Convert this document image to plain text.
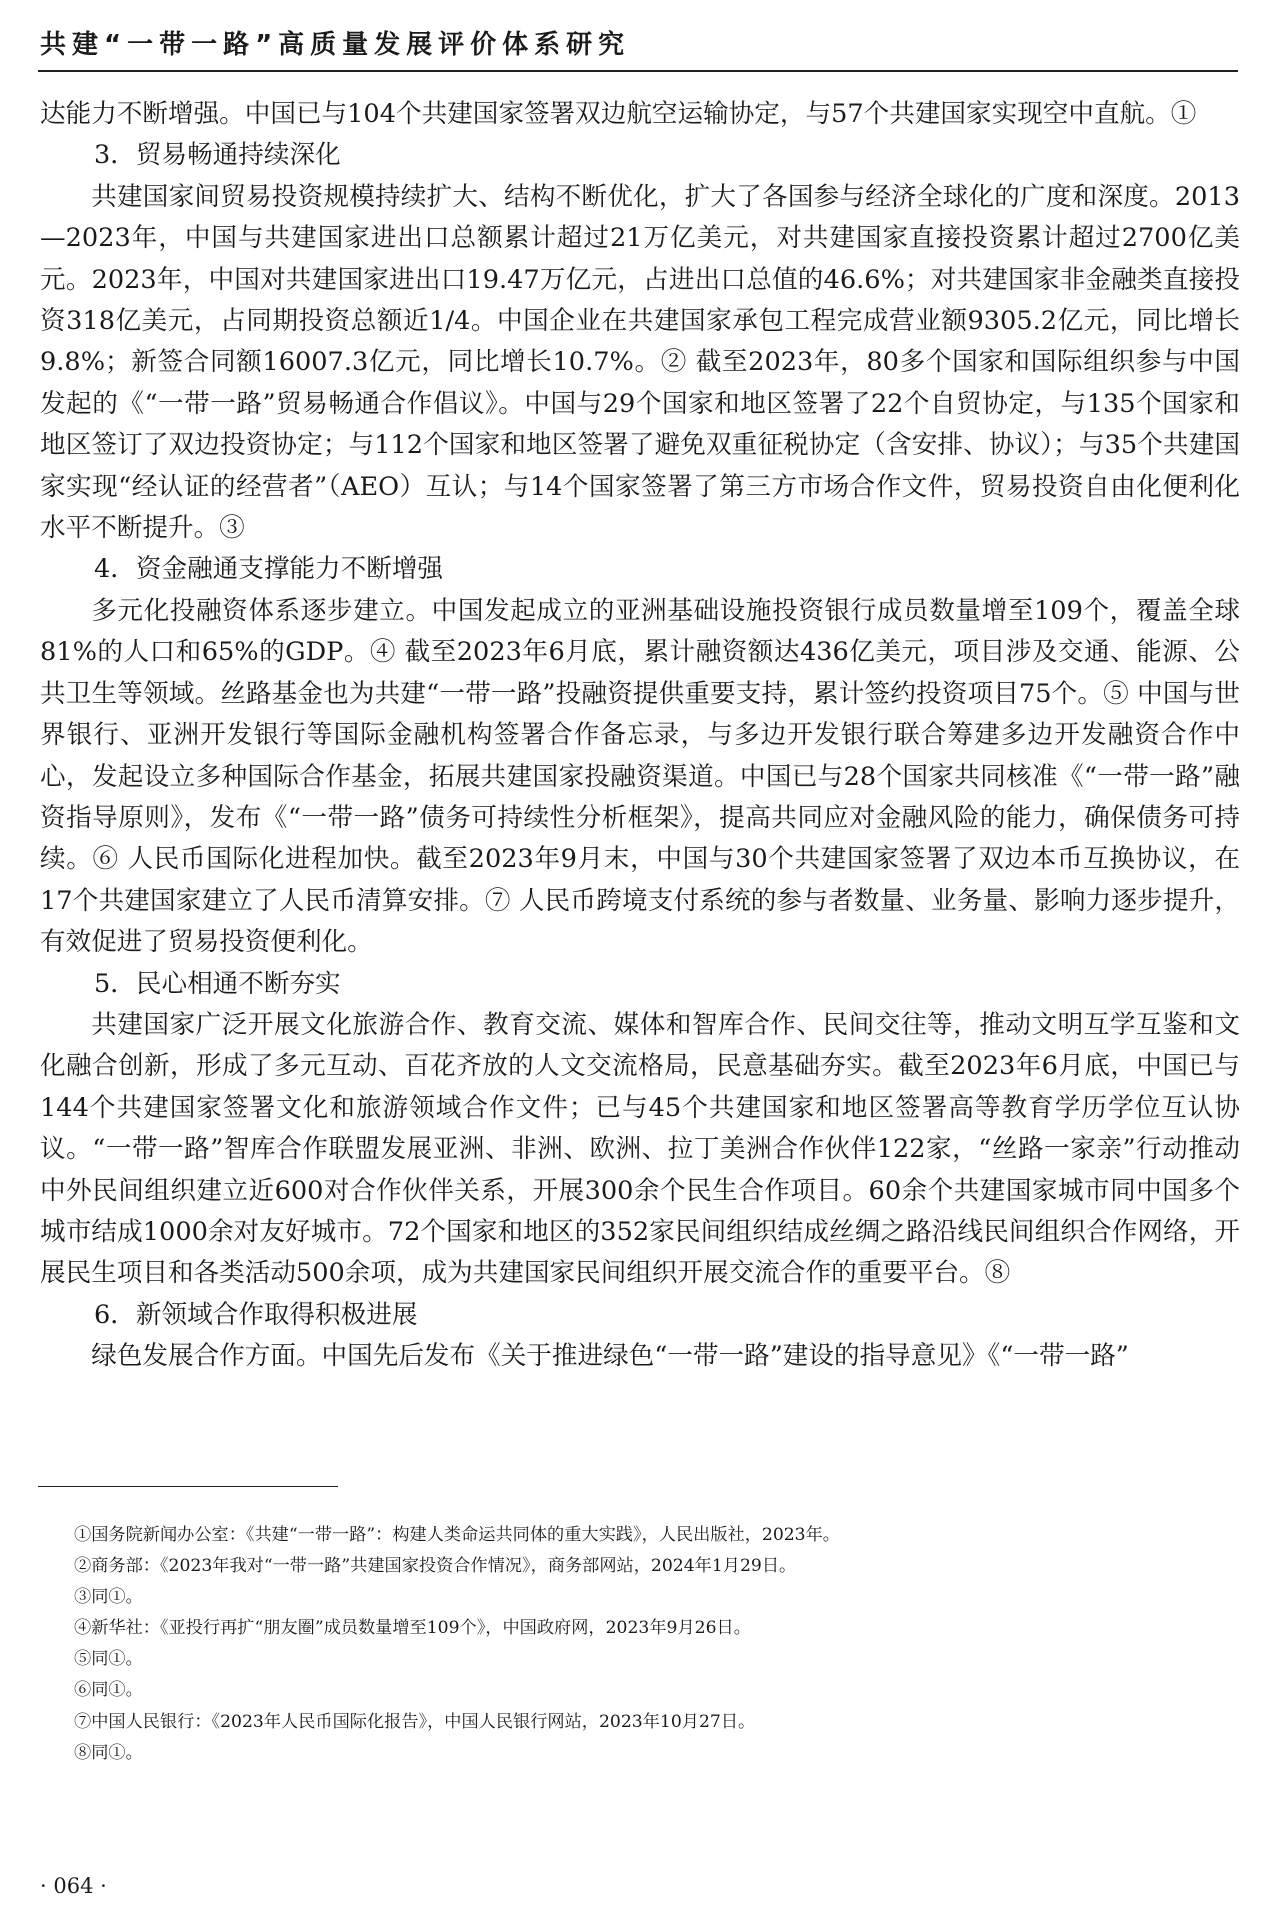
共建“一带一路”高质量发展评价体系研究

达能力不断增强。中国已与104个共建国家签署双边航空运输协定，与57个共建国家实现空中直航。①

3．贸易畅通持续深化

共建国家间贸易投资规模持续扩大、结构不断优化，扩大了各国参与经济全球化的广度和深度。2013—2023年，中国与共建国家进出口总额累计超过21万亿美元，对共建国家直接投资累计超过2700亿美元。2023年，中国对共建国家进出口19.47万亿元，占进出口总值的46.6%；对共建国家非金融类直接投资318亿美元，占同期投资总额近1/4。中国企业在共建国家承包工程完成营业额9305.2亿元，同比增长9.8%；新签合同额16007.3亿元，同比增长10.7%。② 截至2023年，80多个国家和国际组织参与中国发起的《“一带一路”贸易畅通合作倡议》。中国与29个国家和地区签署了22个自贸协定，与135个国家和地区签订了双边投资协定；与112个国家和地区签署了避免双重征税协定（含安排、协议）；与35个共建国家实现“经认证的经营者”（AEO）互认；与14个国家签署了第三方市场合作文件，贸易投资自由化便利化水平不断提升。③

4．资金融通支撑能力不断增强

多元化投融资体系逐步建立。中国发起成立的亚洲基础设施投资银行成员数量增至109个，覆盖全球81%的人口和65%的GDP。④ 截至2023年6月底，累计融资额达436亿美元，项目涉及交通、能源、公共卫生等领域。丝路基金也为共建“一带一路”投融资提供重要支持，累计签约投资项目75个。⑤ 中国与世界银行、亚洲开发银行等国际金融机构签署合作备忘录，与多边开发银行联合筹建多边开发融资合作中心，发起设立多种国际合作基金，拓展共建国家投融资渠道。中国已与28个国家共同核准《“一带一路”融资指导原则》，发布《“一带一路”债务可持续性分析框架》，提高共同应对金融风险的能力，确保债务可持续。⑥ 人民币国际化进程加快。截至2023年9月末，中国与30个共建国家签署了双边本币互换协议，在17个共建国家建立了人民币清算安排。⑦ 人民币跨境支付系统的参与者数量、业务量、影响力逐步提升，有效促进了贸易投资便利化。

5．民心相通不断夯实

共建国家广泛开展文化旅游合作、教育交流、媒体和智库合作、民间交往等，推动文明互学互鉴和文化融合创新，形成了多元互动、百花齐放的人文交流格局，民意基础夯实。截至2023年6月底，中国已与144个共建国家签署文化和旅游领域合作文件；已与45个共建国家和地区签署高等教育学历学位互认协议。“一带一路”智库合作联盟发展亚洲、非洲、欧洲、拉丁美洲合作伙伴122家，“丝路一家亲”行动推动中外民间组织建立近600对合作伙伴关系，开展300余个民生合作项目。60余个共建国家城市同中国多个城市结成1000余对友好城市。72个国家和地区的352家民间组织结成丝绸之路沿线民间组织合作网络，开展民生项目和各类活动500余项，成为共建国家民间组织开展交流合作的重要平台。⑧

6．新领域合作取得积极进展

绿色发展合作方面。中国先后发布《关于推进绿色“一带一路”建设的指导意见》《“一带一路”

①国务院新闻办公室：《共建“一带一路”：构建人类命运共同体的重大实践》，人民出版社，2023年。
②商务部：《2023年我对“一带一路”共建国家投资合作情况》，商务部网站，2024年1月29日。
③同①。
④新华社：《亚投行再扩“朋友圈”成员数量增至109个》，中国政府网，2023年9月26日。
⑤同①。
⑥同①。
⑦中国人民银行：《2023年人民币国际化报告》，中国人民银行网站，2023年10月27日。
⑧同①。
· 064 ·
